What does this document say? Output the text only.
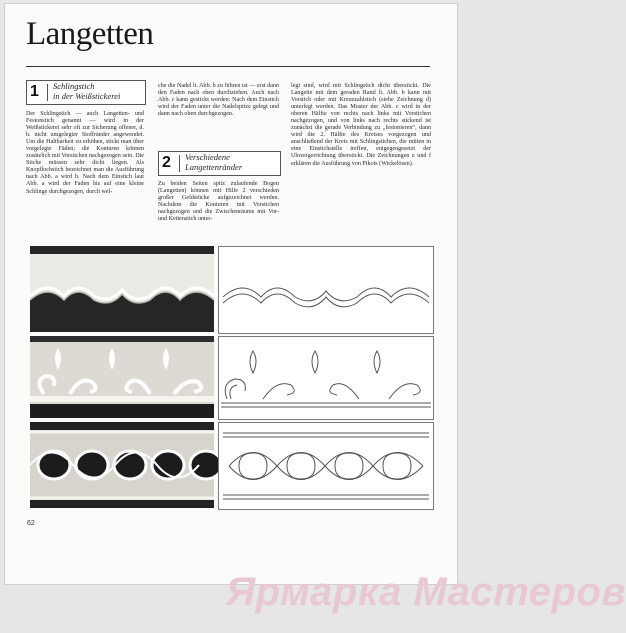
Langetten
1 Schlingstich
in der Weißstickerei
Der Schlingstich — auch Langetten- und Festonstich genannt — wird in der Weißstickerei sehr oft zur Sicherung offener, d. h. nicht umgelegter Stoffränder angewendet. Um die Haltbarkeit zu erhöhen, stickt man über vorgelegte Fäden; die Konturen können zusätzlich mit Vorstichen nachgezogen sein. Die Stiche müssen sehr dicht liegen. Als Knopflochstich bezeichnet man die Ausführung nach Abb. a wird b. Nach dem Einstich laut Abb. a wird der Faden bis auf eine kleine Schlinge durchgezogen, durch wel-
che die Nadel lt. Abb. b zu führen ist — erst dann den Faden nach oben durchziehen. Auch nach Abb. c kann gestickt werden: Nach dem Einstich wird der Faden unter die Nadelspitze gelegt und dann nach oben durchgezogen.
2 Verschiedene
Langettenränder
Zu beiden Seiten spitz zulaufende Bogen (Langetten) können mit Hilfe 2 verschieden großer Geldstücke aufgezeichnet werden. Nachdem die Konturen mit Vorstichen nachgezogen und die Zwischenräume mit Vor- und Kettenstich unter-
legt sind, wird mit Schlingstich dicht überstickt. Die Langette mit dem geraden Rand lt. Abb. b kann mit Vorstich oder mit Kreuzzahlstich (siehe Zeichnung d) unterlegt werden. Das Muster der Abb. c wird in der oberen Hälfte von rechts nach links mit Vorstichen nachgezogen, und von links nach rechts stickend ist zunächst die gerade Verbindung zu „festonieren“, dann wird die 2. Hälfte des Kreises vorgezogen und anschließend der Kreis mit Schlingstichen, die mitten in eine Einstichstelle treffen, entgegengesetzt der Uhrzeigerrichtung überstickt. Die Zeichnungen e und f erklären die Ausführung von Pikots (Wickelösen).
62
Ярмарка Мастеров
